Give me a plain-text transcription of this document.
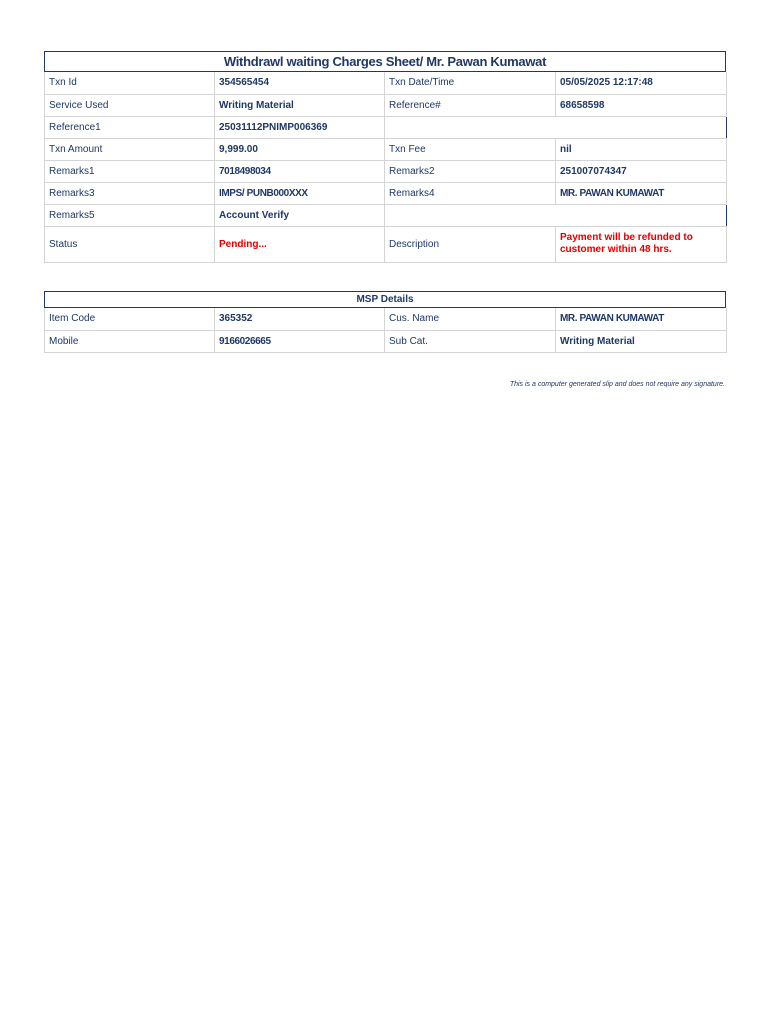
Withdrawl waiting Charges Sheet/ Mr. Pawan Kumawat
Txn Id	354565454	Txn Date/Time	05/05/2025 12:17:48
Service Used	Writing Material	Reference#	68658598
Reference1	25031112PNIMP006369		
Txn Amount	9,999.00	Txn Fee	nil
Remarks1	7018498034	Remarks2	251007074347
Remarks3	IMPS/ PUNB000XXX	Remarks4	MR. PAWAN KUMAWAT
Remarks5	Account Verify		
Status	Pending...	Description	Payment will be refunded to customer within 48 hrs.
MSP Details
Item Code	365352	Cus. Name	MR. PAWAN KUMAWAT
Mobile	9166026665	Sub Cat.	Writing Material
This is a computer generated slip and does not require any signature.
